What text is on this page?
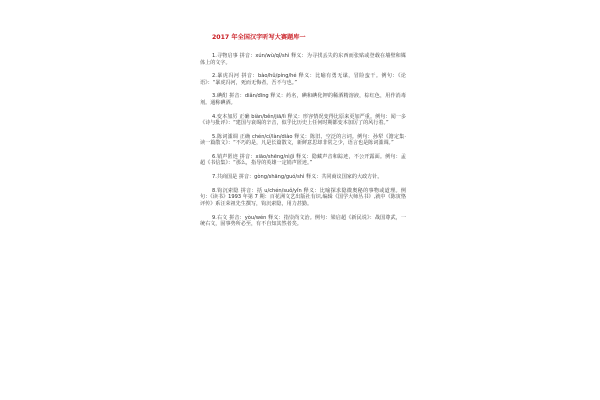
2017 年全国汉字听写大赛题库一

1.寻物启事 拼音：xún/wù/qǐ/shì 释义：为寻找丢失的东西而张贴或登载在墙壁和媒体上的文字。

2.暴虎冯河 拼音：bào/hǔ/píng/hé 释义：比喻有勇无谋，冒险蛮干。例句：《论语》：“暴虎冯河，死而无悔者，吾不与也。”

3.碘酊 拼音：diǎn/dīng 释义：药名，碘和碘化钾的稀酒精溶液，棕红色，用作消毒剂。通称碘酒。

4.变本加厉 正确 biàn/běn/jiā/lì 释义：形容情况变得比原来更加严重。例句：闻一多《诗与批评》：“建国与衰竭的辛音，似乎比历史上任何时期都变本加厉了的风行着。”

5.陈词滥调 正确 chén/cí/làn/diào 释义：陈旧、空泛的言词。例句：孙犁《澹定集·读一篇散文》：“不巧的是，凡是长篇散文，新鲜意思却非常之少，语言也是陈词滥调。”

6.销声匿迹 拼音：xiāo/shēng/nì/jì 释义：隐藏声音和踪迹，不公开露面。例句：孟超《书信集》：“那么，指导的英雄一定销声匿迹。”

7.共商国是 拼音：gòng/shāng/guó/shì 释义：共同商议国家的大政方针。

8.钩沉索隐 拼音：括 u/chén/suǒ/yǐn 释义：比喻探求隐微奥秘的事物或道理。例句：《读书》1993 年第 7 期：百花洲文艺出版社有识,编辑《国学大师丛书》,就中《陈寅恪评传》系汪荣祖先生撰写，钩沉索隐，用力甚勤。

9.右文 拼音：yòu/wén 释义：指崇尚文治。例句：梁启超《新民说》：战国尊武，一统右文，固事势所必至，有不自知其然者矣。
